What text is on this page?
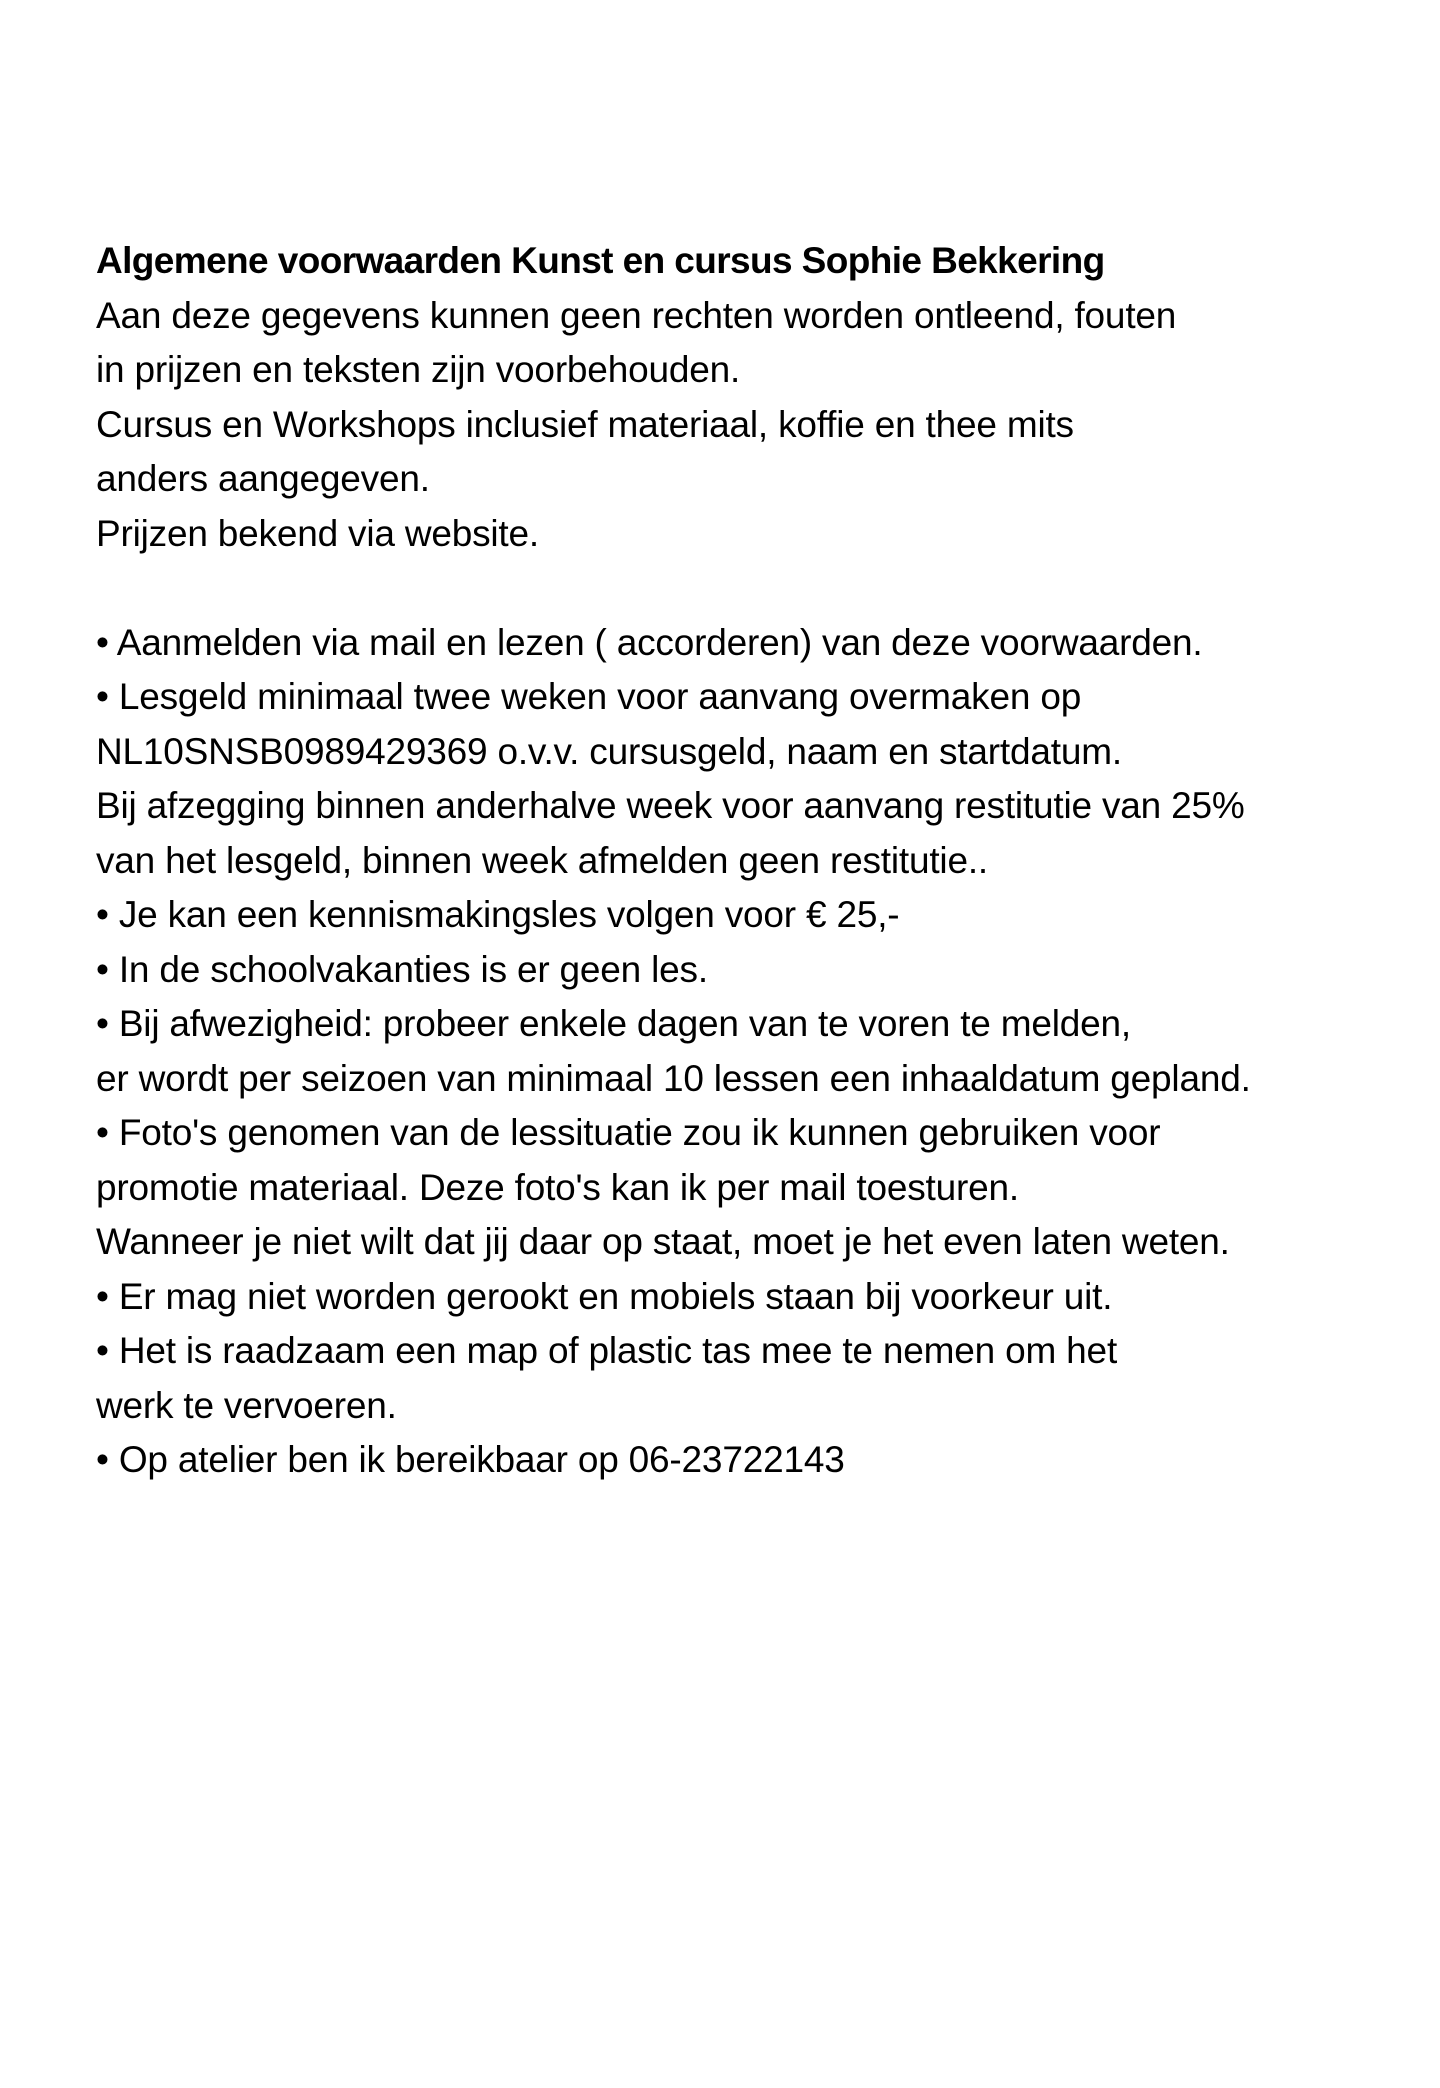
Algemene voorwaarden Kunst en cursus Sophie Bekkering
Aan deze gegevens kunnen geen rechten worden ontleend, fouten
in prijzen en teksten zijn voorbehouden.
Cursus en Workshops inclusief materiaal, koffie en thee mits
anders aangegeven.
Prijzen bekend via website.
• Aanmelden via mail en lezen ( accorderen) van deze voorwaarden.
• Lesgeld minimaal twee weken voor aanvang overmaken op
NL10SNSB0989429369 o.v.v. cursusgeld, naam en startdatum.
Bij afzegging binnen anderhalve week voor aanvang restitutie van 25%
van het lesgeld, binnen week afmelden geen restitutie..
• Je kan een kennismakingsles volgen voor € 25,-
• In de schoolvakanties is er geen les.
• Bij afwezigheid: probeer enkele dagen van te voren te melden,
er wordt per seizoen van minimaal 10 lessen een inhaaldatum gepland.
• Foto's genomen van de lessituatie zou ik kunnen gebruiken voor
promotie materiaal. Deze foto's kan ik per mail toesturen.
Wanneer je niet wilt dat jij daar op staat, moet je het even laten weten.
• Er mag niet worden gerookt en mobiels staan bij voorkeur uit.
• Het is raadzaam een map of plastic tas mee te nemen om het
werk te vervoeren.
• Op atelier ben ik bereikbaar op 06-23722143
